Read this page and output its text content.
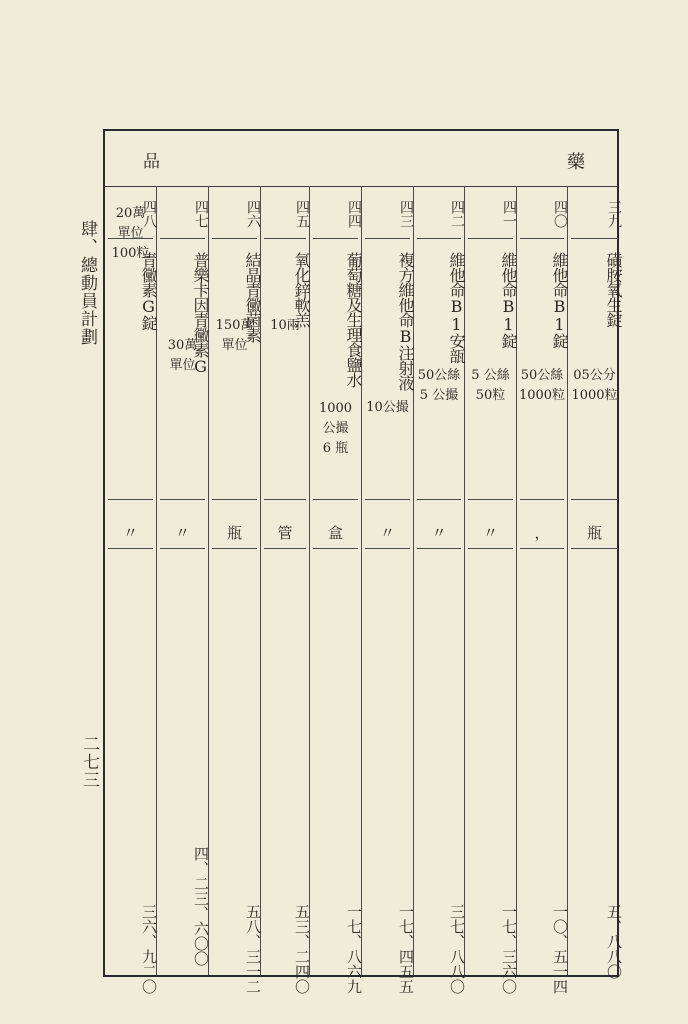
肆、總動員計劃
二七三
品	藥
四八
青黴素G錠
20萬
單位
100粒
〃
三六、九二〇
四七
普樂卡因青黴素G
30萬
單位
〃
四、二三、六〇〇
四六
結晶青黴菌素
150萬
單位
瓶
五八、三一二
四五
氧化鋅軟羔
10兩
管
五三、二四〇
四四
葡萄糖及生理食鹽水
1000
公撮
6 瓶
盒
一七、八六九
四三
複方維他命B注射液
10公撮
〃
一七、四五五
四二
維他命B1安瓿
50公絲
5 公撮
〃
三七、八八〇
四一
維他命B1錠
5 公絲
50粒
〃
一七、三六〇
四〇
維他命B1錠
50公絲
1000粒
，
一〇、五一四
三九
磺胺氧生錠
05公分
1000粒
瓶
五、八八〇
